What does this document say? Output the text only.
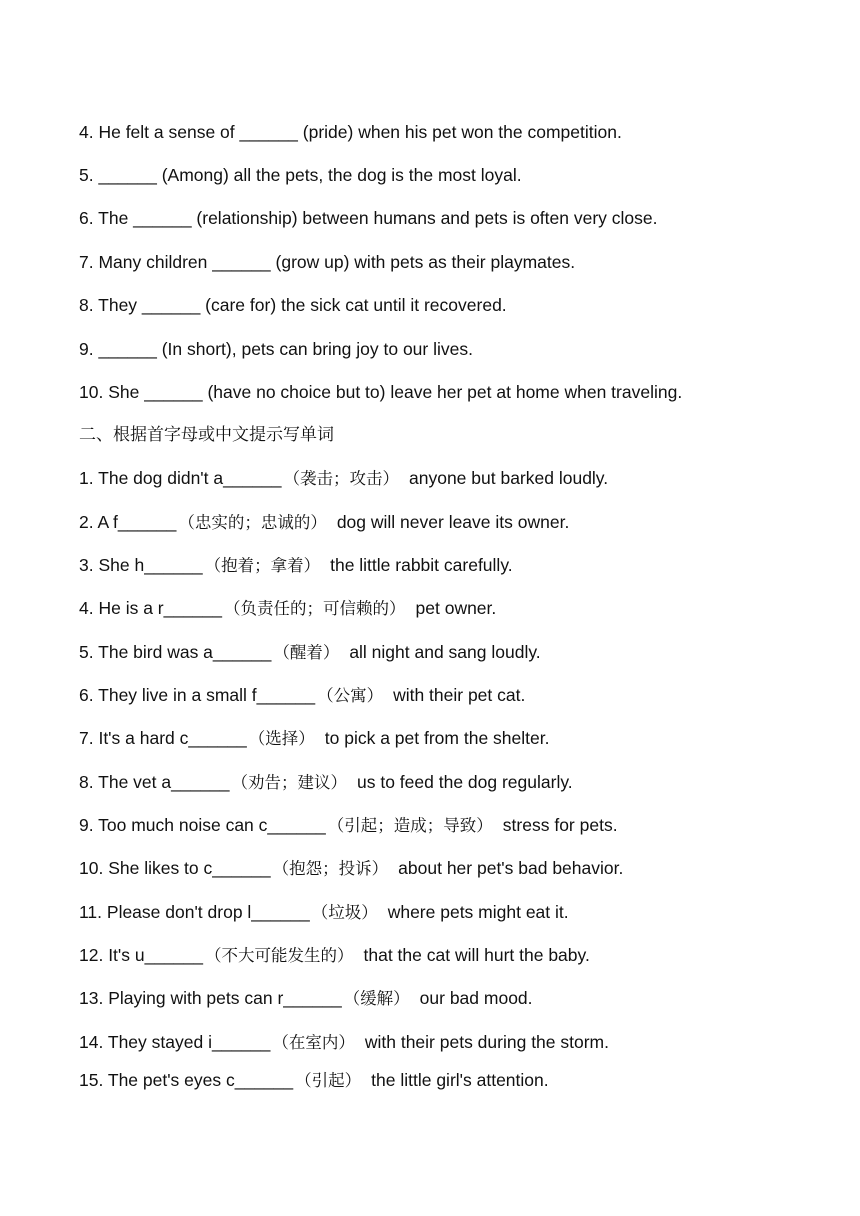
4. He felt a sense of ______ (pride) when his pet won the competition.
5. ______ (Among) all the pets, the dog is the most loyal.
6. The ______ (relationship) between humans and pets is often very close.
7. Many children ______ (grow up) with pets as their playmates.
8. They ______ (care for) the sick cat until it recovered.
9. ______ (In short), pets can bring joy to our lives.
10. She ______ (have no choice but to) leave her pet at home when traveling.
二、根据首字母或中文提示写单词
1. The dog didn't a______ （袭击；攻击） anyone but barked loudly.
2. A f______ （忠实的；忠诚的） dog will never leave its owner.
3. She h______ （抱着；拿着） the little rabbit carefully.
4. He is a r______ （负责任的；可信赖的） pet owner.
5. The bird was a______ （醒着） all night and sang loudly.
6. They live in a small f______ （公寓） with their pet cat.
7. It's a hard c______ （选择） to pick a pet from the shelter.
8. The vet a______ （劝告；建议） us to feed the dog regularly.
9. Too much noise can c______ （引起；造成；导致） stress for pets.
10. She likes to c______ （抱怨；投诉） about her pet's bad behavior.
11. Please don't drop l______ （垃圾） where pets might eat it.
12. It's u______ （不大可能发生的） that the cat will hurt the baby.
13. Playing with pets can r______ （缓解） our bad mood.
14. They stayed i______ （在室内） with their pets during the storm.
15. The pet's eyes c______ （引起） the little girl's attention.
